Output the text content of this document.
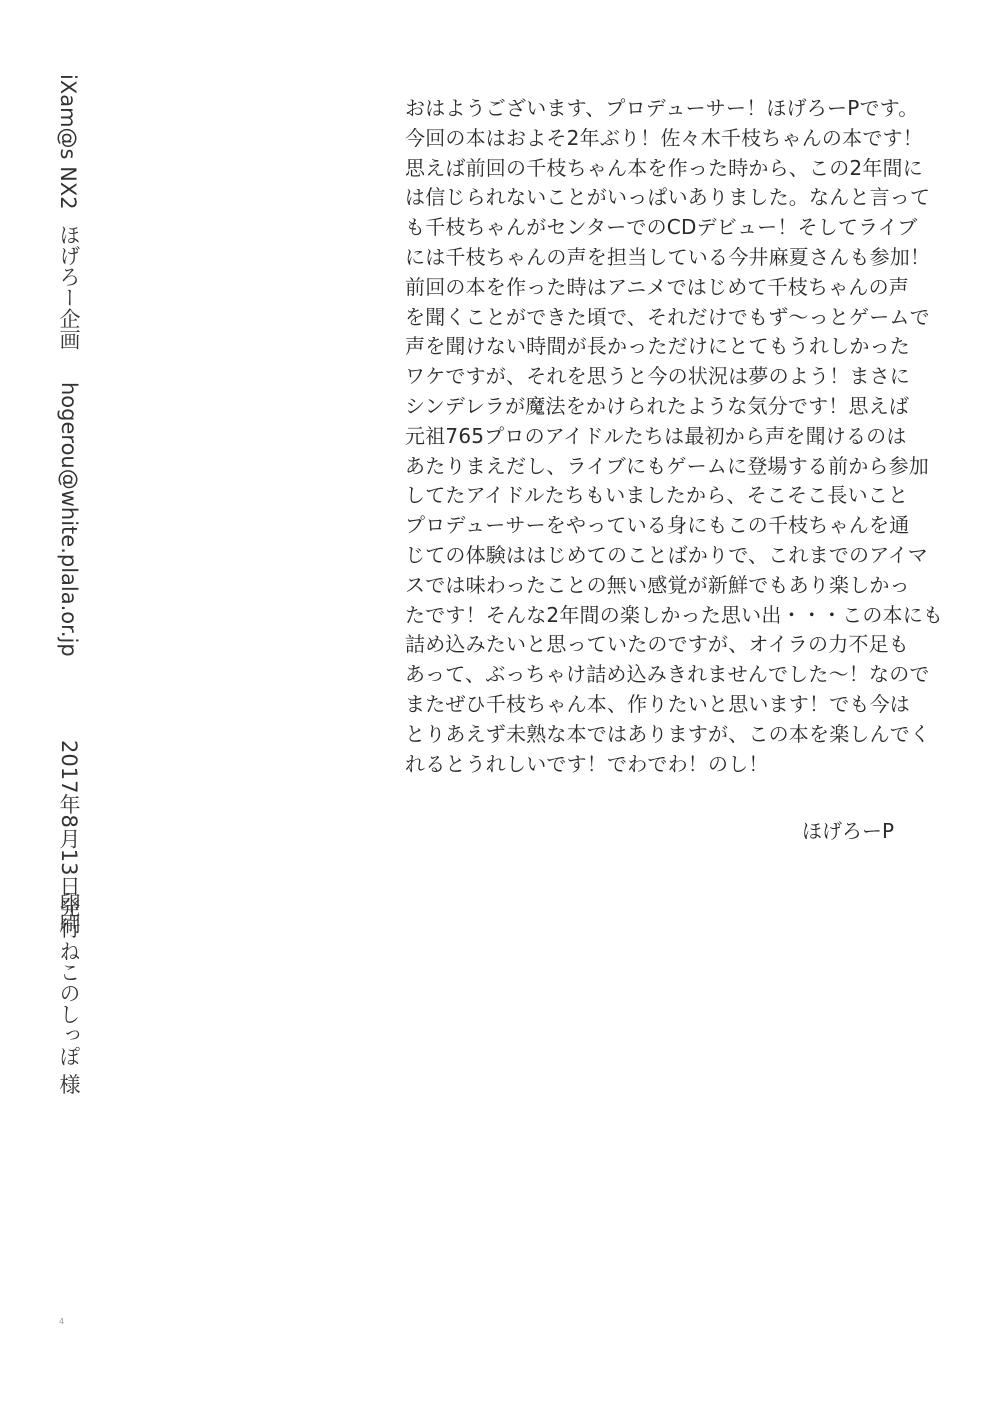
iXam@s NX2
ほげろー企画
hogerou@white.plala.or.jp
2017年8月13日発行
印刷 ねこのしっぽ 様
おはようございます、プロデューサー！ほげろーPです。
今回の本はおよそ2年ぶり！佐々木千枝ちゃんの本です！
思えば前回の千枝ちゃん本を作った時から、この2年間に
は信じられないことがいっぱいありました。なんと言って
も千枝ちゃんがセンターでのCDデビュー！そしてライブ
には千枝ちゃんの声を担当している今井麻夏さんも参加！
前回の本を作った時はアニメではじめて千枝ちゃんの声
を聞くことができた頃で、それだけでもず～っとゲームで
声を聞けない時間が長かっただけにとてもうれしかった
ワケですが、それを思うと今の状況は夢のよう！まさに
シンデレラが魔法をかけられたような気分です！思えば
元祖765プロのアイドルたちは最初から声を聞けるのは
あたりまえだし、ライブにもゲームに登場する前から参加
してたアイドルたちもいましたから、そこそこ長いこと
プロデューサーをやっている身にもこの千枝ちゃんを通
じての体験ははじめてのことばかりで、これまでのアイマ
スでは味わったことの無い感覚が新鮮でもあり楽しかっ
たです！そんな2年間の楽しかった思い出・・・この本にも
詰め込みたいと思っていたのですが、オイラの力不足も
あって、ぶっちゃけ詰め込みきれませんでした～！なので
またぜひ千枝ちゃん本、作りたいと思います！でも今は
とりあえず未熟な本ではありますが、この本を楽しんでく
れるとうれしいです！でわでわ！のし！
ほげろーP
4
